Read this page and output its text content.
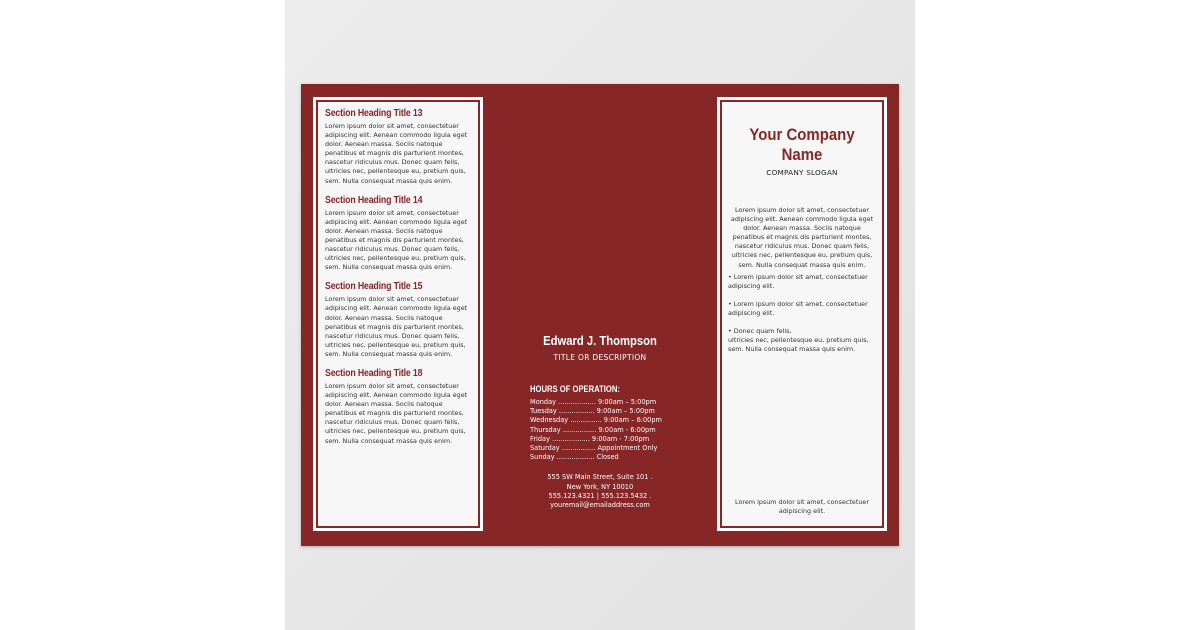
Section Heading Title 13
Lorem ipsum dolor sit amet, consectetuer
adipiscing elit. Aenean commodo ligula eget
dolor. Aenean massa. Sociis natoque
penatibus et magnis dis parturient montes,
nascetur ridiculus mus. Donec quam felis,
ultricies nec, pellentesque eu, pretium quis,
sem. Nulla consequat massa quis enim.
Section Heading Title 14
Lorem ipsum dolor sit amet, consectetuer
adipiscing elit. Aenean commodo ligula eget
dolor. Aenean massa. Sociis natoque
penatibus et magnis dis parturient montes,
nascetur ridiculus mus. Donec quam felis,
ultricies nec, pellentesque eu, pretium quis,
sem. Nulla consequat massa quis enim.
Section Heading Title 15
Lorem ipsum dolor sit amet, consectetuer
adipiscing elit. Aenean commodo ligula eget
dolor. Aenean massa. Sociis natoque
penatibus et magnis dis parturient montes,
nascetur ridiculus mus. Donec quam felis,
ultricies nec, pellentesque eu, pretium quis,
sem. Nulla consequat massa quis enim.
Section Heading Title 18
Lorem ipsum dolor sit amet, consectetuer
adipiscing elit. Aenean commodo ligula eget
dolor. Aenean massa. Sociis natoque
penatibus et magnis dis parturient montes,
nascetur ridiculus mus. Donec quam felis,
ultricies nec, pellentesque eu, pretium quis,
sem. Nulla consequat massa quis enim.
Edward J. Thompson
TITLE OR DESCRIPTION
HOURS OF OPERATION:
Monday .................. 9:00am – 5:00pm
Tuesday ................. 9:00am – 5:00pm
Wednesday ............... 9:00am – 6:00pm
Thursday ................ 9:00am - 6:00pm
Friday .................. 9:00am - 7:00pm
Saturday ................ Appointment Only
Sunday .................. Closed
555 SW Main Street, Suite 101 .
New York, NY 10010
555.123.4321 | 555.123.5432 .
youremail@emailaddress.com
Your Company Name
COMPANY SLOGAN
Lorem ipsum dolor sit amet, consectetuer
adipiscing elit. Aenean commodo ligula eget
dolor. Aenean massa. Sociis natoque
penatibus et magnis dis parturient montes,
nascetur ridiculus mus. Donec quam felis,
ultricies nec, pellentesque eu, pretium quis,
sem. Nulla consequat massa quis enim.
• Lorem ipsum dolor sit amet, consectetuer
adipiscing elit.
• Lorem ipsum dolor sit amet, consectetuer
adipiscing elit.
• Donec quam felis,
ultricies nec, pellentesque eu, pretium quis,
sem. Nulla consequat massa quis enim.
Lorem ipsum dolor sit amet, consectetuer
adipiscing elit.
